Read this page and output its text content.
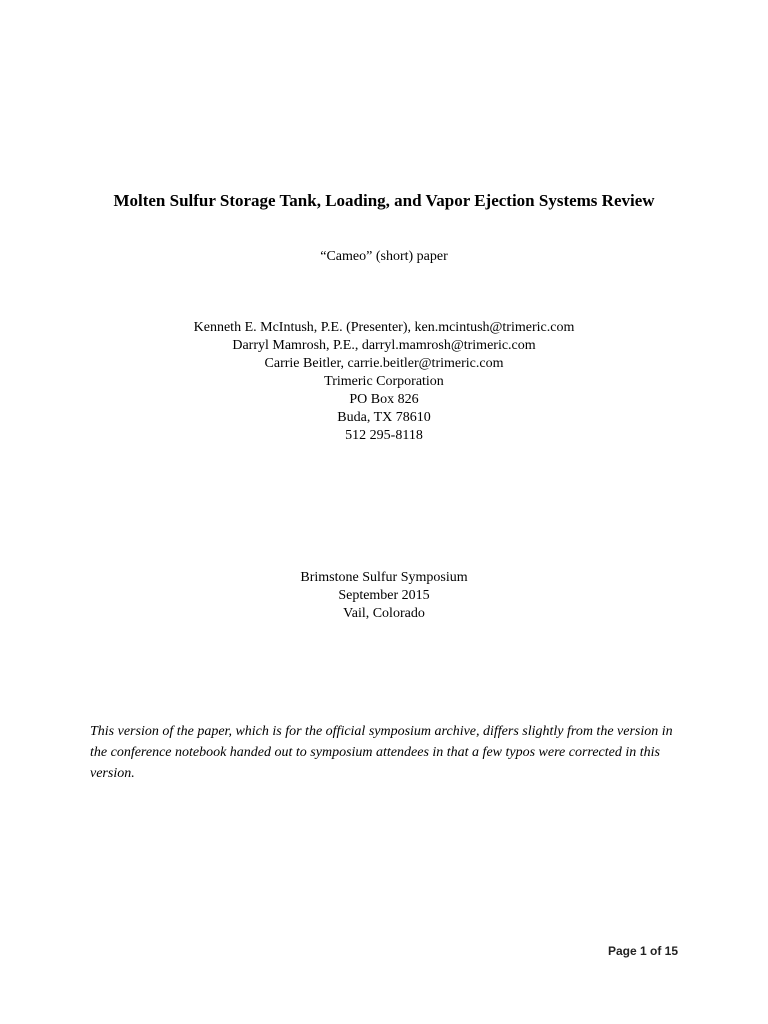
Molten Sulfur Storage Tank, Loading, and Vapor Ejection Systems Review
“Cameo” (short) paper
Kenneth E. McIntush, P.E. (Presenter), ken.mcintush@trimeric.com
Darryl Mamrosh, P.E., darryl.mamrosh@trimeric.com
Carrie Beitler, carrie.beitler@trimeric.com
Trimeric Corporation
PO Box 826
Buda, TX 78610
512 295-8118
Brimstone Sulfur Symposium
September 2015
Vail, Colorado

This version of the paper, which is for the official symposium archive, differs slightly from the version in the conference notebook handed out to symposium attendees in that a few typos were corrected in this version.

Page 1 of 15
